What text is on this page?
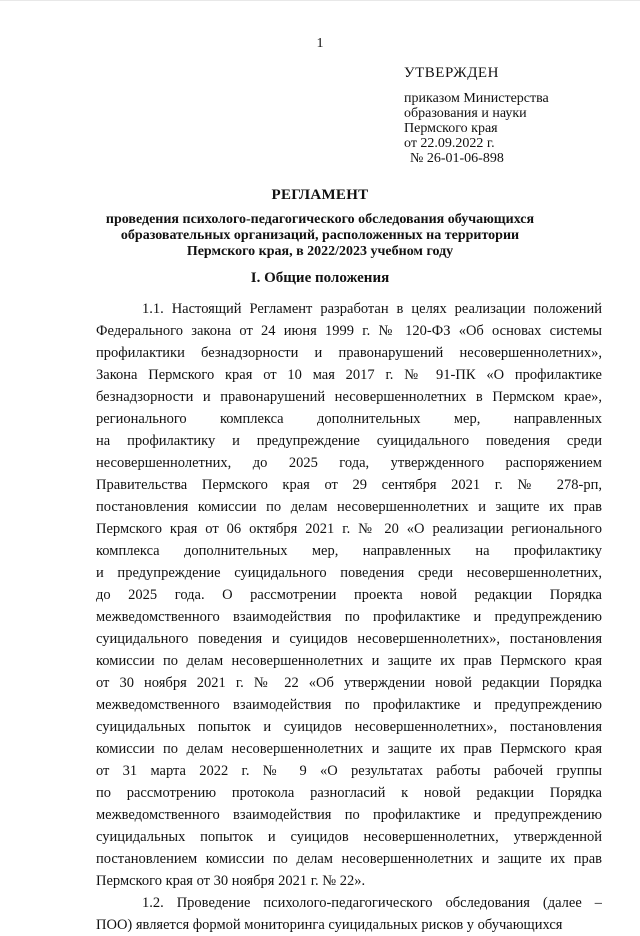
1
УТВЕРЖДЕН
приказом Министерства
образования и науки
Пермского края
от 22.09.2022 г.
№ 26-01-06-898
РЕГЛАМЕНТ
проведения психолого-педагогического обследования обучающихся
образовательных организаций, расположенных на территории
Пермского края, в 2022/2023 учебном году
I. Общие положения
1.1. Настоящий Регламент разработан в целях реализации положений
Федерального закона от 24 июня 1999 г. № 120-ФЗ «Об основах системы
профилактики безнадзорности и правонарушений несовершеннолетних»,
Закона Пермского края от 10 мая 2017 г. № 91-ПК «О профилактике
безнадзорности и правонарушений несовершеннолетних в Пермском крае»,
регионального комплекса дополнительных мер, направленных
на профилактику и предупреждение суицидального поведения среди
несовершеннолетних, до 2025 года, утвержденного распоряжением
Правительства Пермского края от 29 сентября 2021 г. № 278-рп,
постановления комиссии по делам несовершеннолетних и защите их прав
Пермского края от 06 октября 2021 г. № 20 «О реализации регионального
комплекса дополнительных мер, направленных на профилактику
и предупреждение суицидального поведения среди несовершеннолетних,
до 2025 года. О рассмотрении проекта новой редакции Порядка
межведомственного взаимодействия по профилактике и предупреждению
суицидального поведения и суицидов несовершеннолетних», постановления
комиссии по делам несовершеннолетних и защите их прав Пермского края
от 30 ноября 2021 г. № 22 «Об утверждении новой редакции Порядка
межведомственного взаимодействия по профилактике и предупреждению
суицидальных попыток и суицидов несовершеннолетних», постановления
комиссии по делам несовершеннолетних и защите их прав Пермского края
от 31 марта 2022 г. № 9 «О результатах работы рабочей группы
по рассмотрению протокола разногласий к новой редакции Порядка
межведомственного взаимодействия по профилактике и предупреждению
суицидальных попыток и суицидов несовершеннолетних, утвержденной
постановлением комиссии по делам несовершеннолетних и защите их прав
Пермского края от 30 ноября 2021 г. № 22».
1.2. Проведение психолого-педагогического обследования (далее –
ПОО) является формой мониторинга суицидальных рисков у обучающихся
